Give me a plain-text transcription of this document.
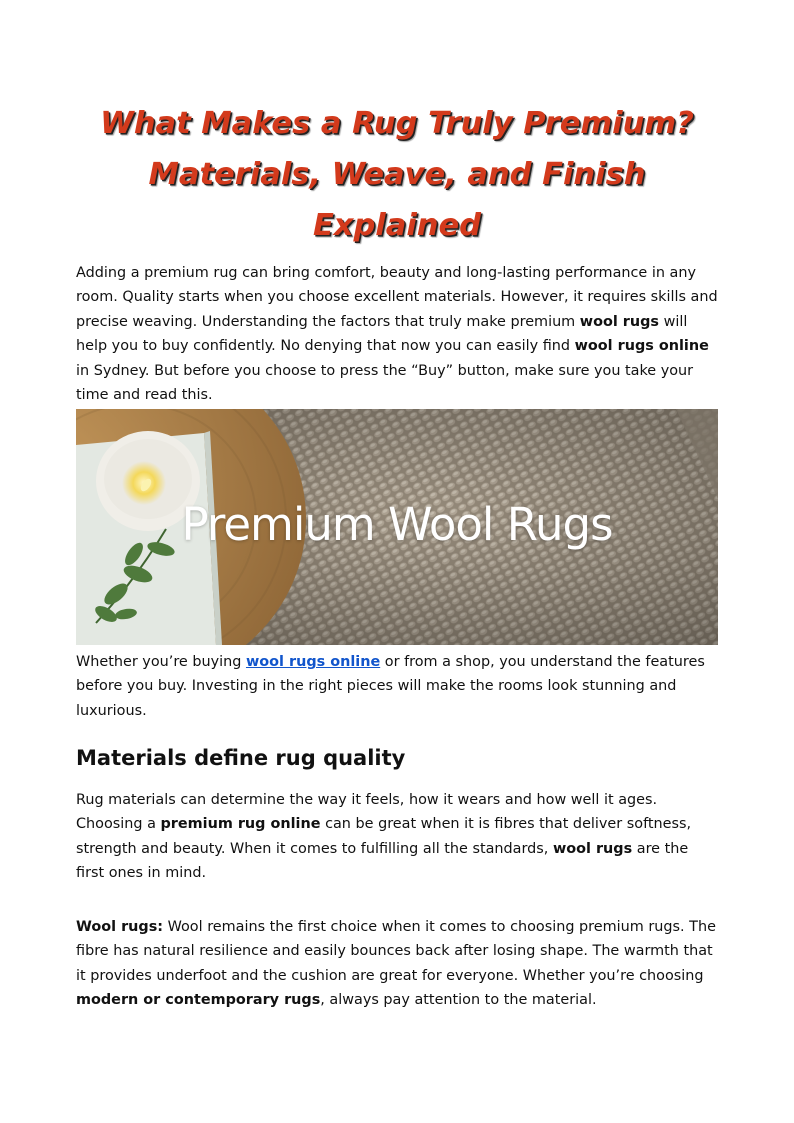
What Makes a Rug Truly Premium?
Materials, Weave, and Finish
Explained

Adding a premium rug can bring comfort, beauty and long-lasting performance in any room. Quality starts when you choose excellent materials. However, it requires skills and precise weaving. Understanding the factors that truly make premium wool rugs will help you to buy confidently. No denying that now you can easily find wool rugs online in Sydney. But before you choose to press the “Buy” button, make sure you take your time and read this.

Premium Wool Rugs

Whether you’re buying wool rugs online or from a shop, you understand the features before you buy. Investing in the right pieces will make the rooms look stunning and luxurious.

Materials define rug quality

Rug materials can determine the way it feels, how it wears and how well it ages. Choosing a premium rug online can be great when it is fibres that deliver softness, strength and beauty. When it comes to fulfilling all the standards, wool rugs are the first ones in mind.

Wool rugs: Wool remains the first choice when it comes to choosing premium rugs. The fibre has natural resilience and easily bounces back after losing shape. The warmth that it provides underfoot and the cushion are great for everyone. Whether you’re choosing modern or contemporary rugs, always pay attention to the material.
